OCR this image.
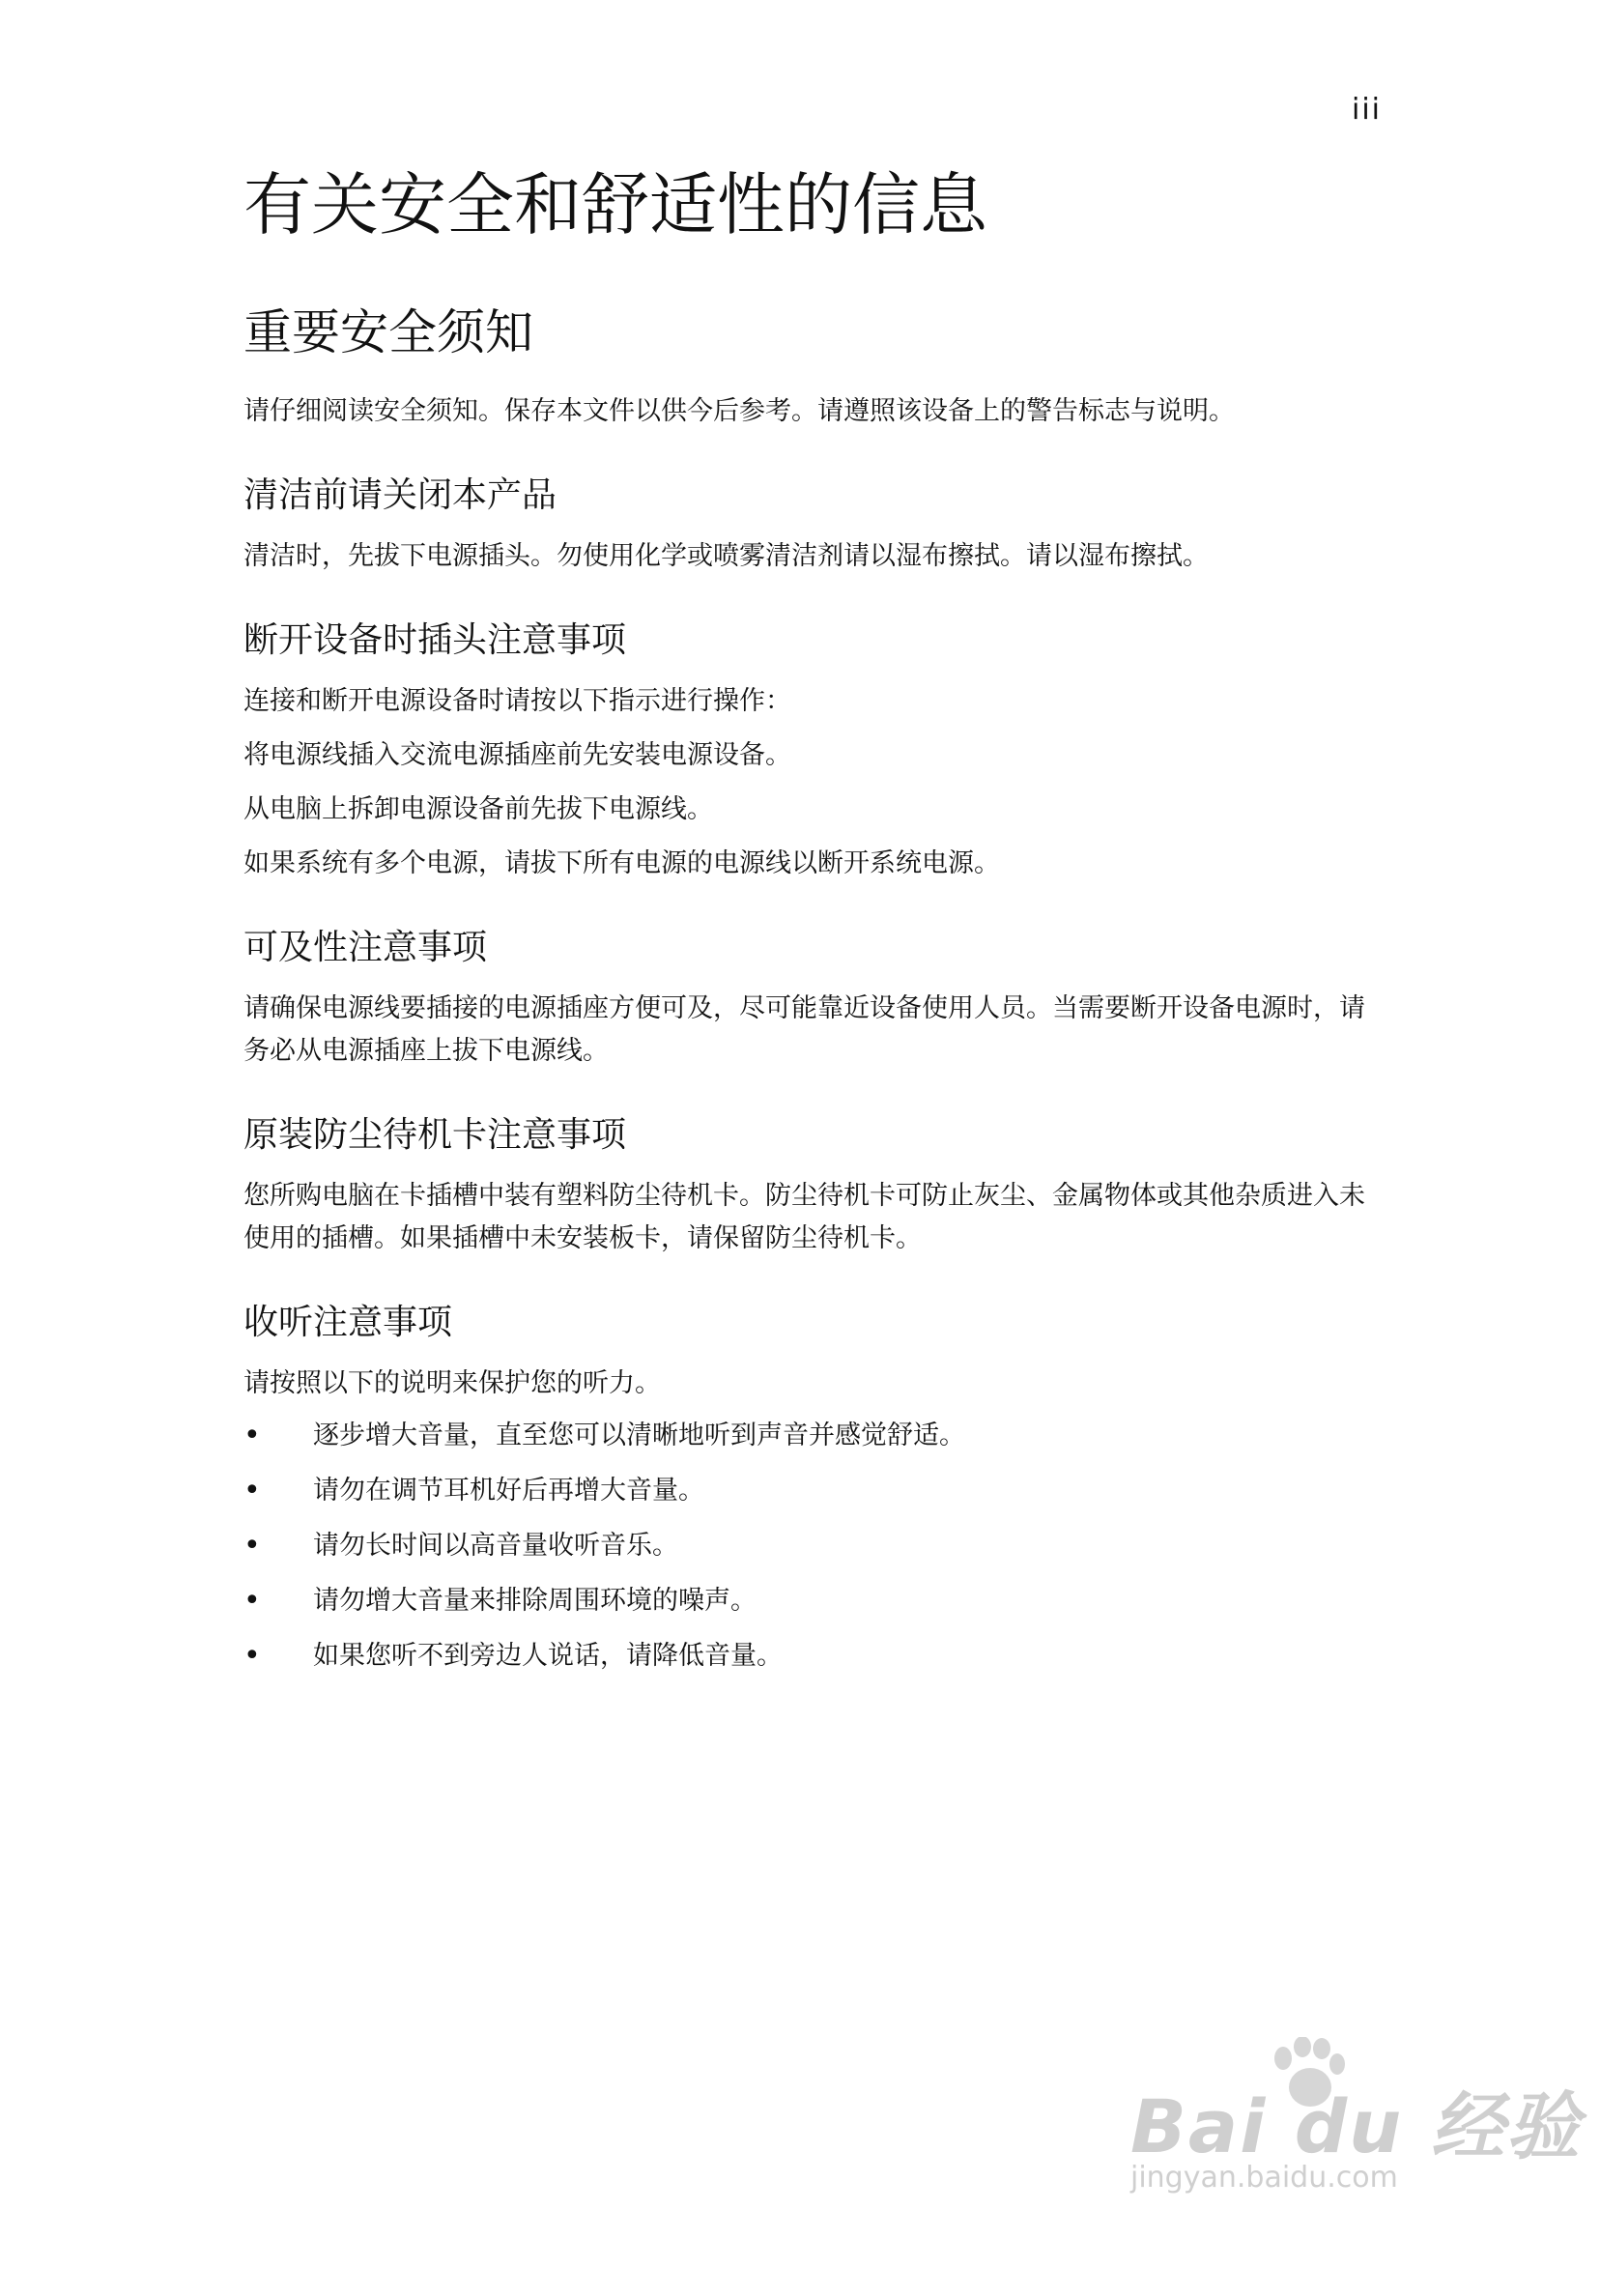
iii
有关安全和舒适性的信息
重要安全须知

请仔细阅读安全须知。保存本文件以供今后参考。请遵照该设备上的警告标志与说明。

清洁前请关闭本产品

清洁时，先拔下电源插头。勿使用化学或喷雾清洁剂请以湿布擦拭。请以湿布擦拭。

断开设备时插头注意事项

连接和断开电源设备时请按以下指示进行操作：

将电源线插入交流电源插座前先安装电源设备。

从电脑上拆卸电源设备前先拔下电源线。

如果系统有多个电源，请拔下所有电源的电源线以断开系统电源。

可及性注意事项

请确保电源线要插接的电源插座方便可及，尽可能靠近设备使用人员。当需要断开设备电源时，请务必从电源插座上拔下电源线。

原装防尘待机卡注意事项

您所购电脑在卡插槽中装有塑料防尘待机卡。防尘待机卡可防止灰尘、金属物体或其他杂质进入未使用的插槽。如果插槽中未安装板卡，请保留防尘待机卡。

收听注意事项

请按照以下的说明来保护您的听力。

• 逐步增大音量，直至您可以清晰地听到声音并感觉舒适。
• 请勿在调节耳机好后再增大音量。
• 请勿长时间以高音量收听音乐。
• 请勿增大音量来排除周围环境的噪声。
• 如果您听不到旁边人说话，请降低音量。
Bai du 经验
jingyan.baidu.com
